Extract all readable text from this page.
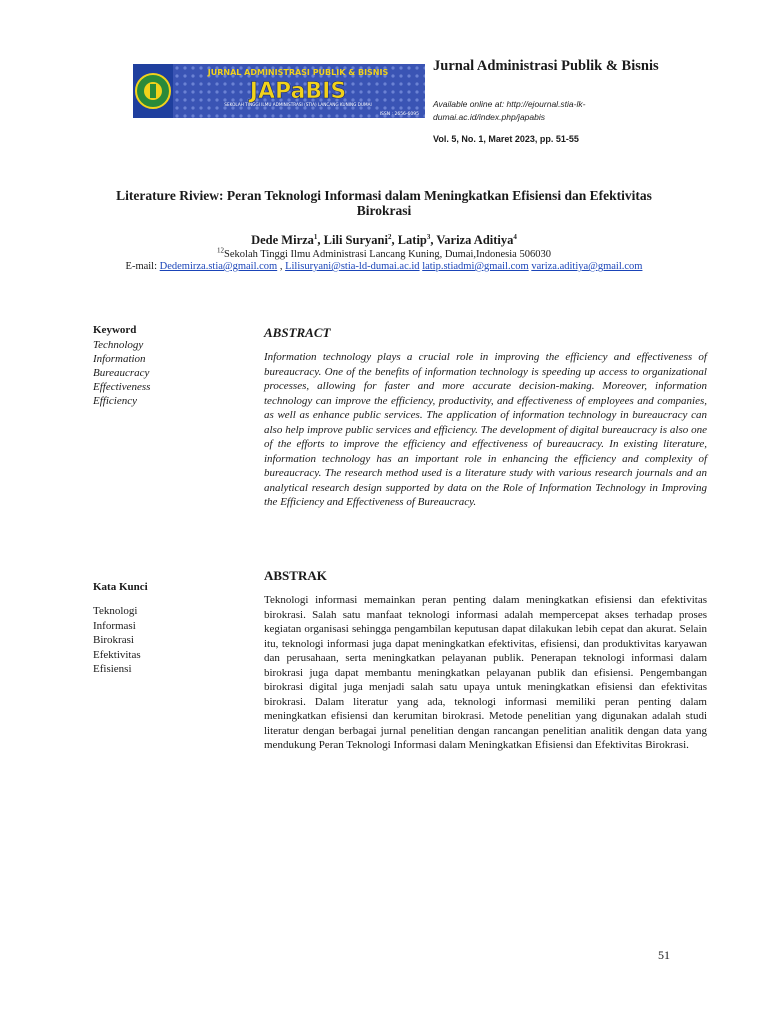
JURNAL ADMINISTRASI PUBLIK & BISNIS
JAPaBIS
SEKOLAH TINGGI ILMU ADMINISTRASI (STIA) LANCANG KUNING DUMAI
ISSN : 2656-6095
Jurnal Administrasi Publik & Bisnis
Available online at: http://ejournal.stia-lk-dumai.ac.id/index.php/japabis
Vol. 5, No. 1, Maret 2023, pp. 51-55
Literature Riview: Peran Teknologi Informasi dalam Meningkatkan Efisiensi dan Efektivitas Birokrasi
Dede Mirza$^1$, Lili Suryani$^2$, Latip$^3$, Variza Aditiya$^4$
$^{12}$Sekolah Tinggi Ilmu Administrasi Lancang Kuning, Dumai,Indonesia 506030
E-mail: Dedemirza.stia@gmail.com , Lilisuryani@stia-ld-dumai.ac.id latip.stiadmi@gmail.com variza.aditiya@gmail.com
Keyword
Technology
Information
Bureaucracy
Effectiveness
Efficiency
ABSTRACT
Information technology plays a crucial role in improving the efficiency and effectiveness of bureaucracy. One of the benefits of information technology is speeding up access to organizational processes, allowing for faster and more accurate decision-making. Moreover, information technology can improve the efficiency, productivity, and effectiveness of employees and companies, as well as enhance public services. The application of information technology in bureaucracy can also help improve public services and efficiency. The development of digital bureaucracy is also one of the efforts to improve the efficiency and effectiveness of bureaucracy. In existing literature, information technology has an important role in enhancing the efficiency and complexity of bureaucracy. The research method used is a literature study with various research journals and an analytical research design supported by data on the Role of Information Technology in Improving the Efficiency and Effectiveness of Bureaucracy.
Kata Kunci
Teknologi
Informasi
Birokrasi
Efektivitas
Efisiensi
ABSTRAK
Teknologi informasi memainkan peran penting dalam meningkatkan efisiensi dan efektivitas birokrasi. Salah satu manfaat teknologi informasi adalah mempercepat akses terhadap proses kegiatan organisasi sehingga pengambilan keputusan dapat dilakukan lebih cepat dan akurat. Selain itu, teknologi informasi juga dapat meningkatkan efektivitas, efisiensi, dan produktivitas karyawan dan perusahaan, serta meningkatkan pelayanan publik. Penerapan teknologi informasi dalam birokrasi juga dapat membantu meningkatkan pelayanan publik dan efisiensi. Pengembangan birokrasi digital juga menjadi salah satu upaya untuk meningkatkan efisiensi dan efektivitas birokrasi. Dalam literatur yang ada, teknologi informasi memiliki peran penting dalam meningkatkan efisiensi dan kerumitan birokrasi. Metode penelitian yang digunakan adalah studi literatur dengan berbagai jurnal penelitian dengan rancangan penelitian analitik dengan data yang mendukung Peran Teknologi Informasi dalam Meningkatkan Efisiensi dan Efektivitas Birokrasi.
51
